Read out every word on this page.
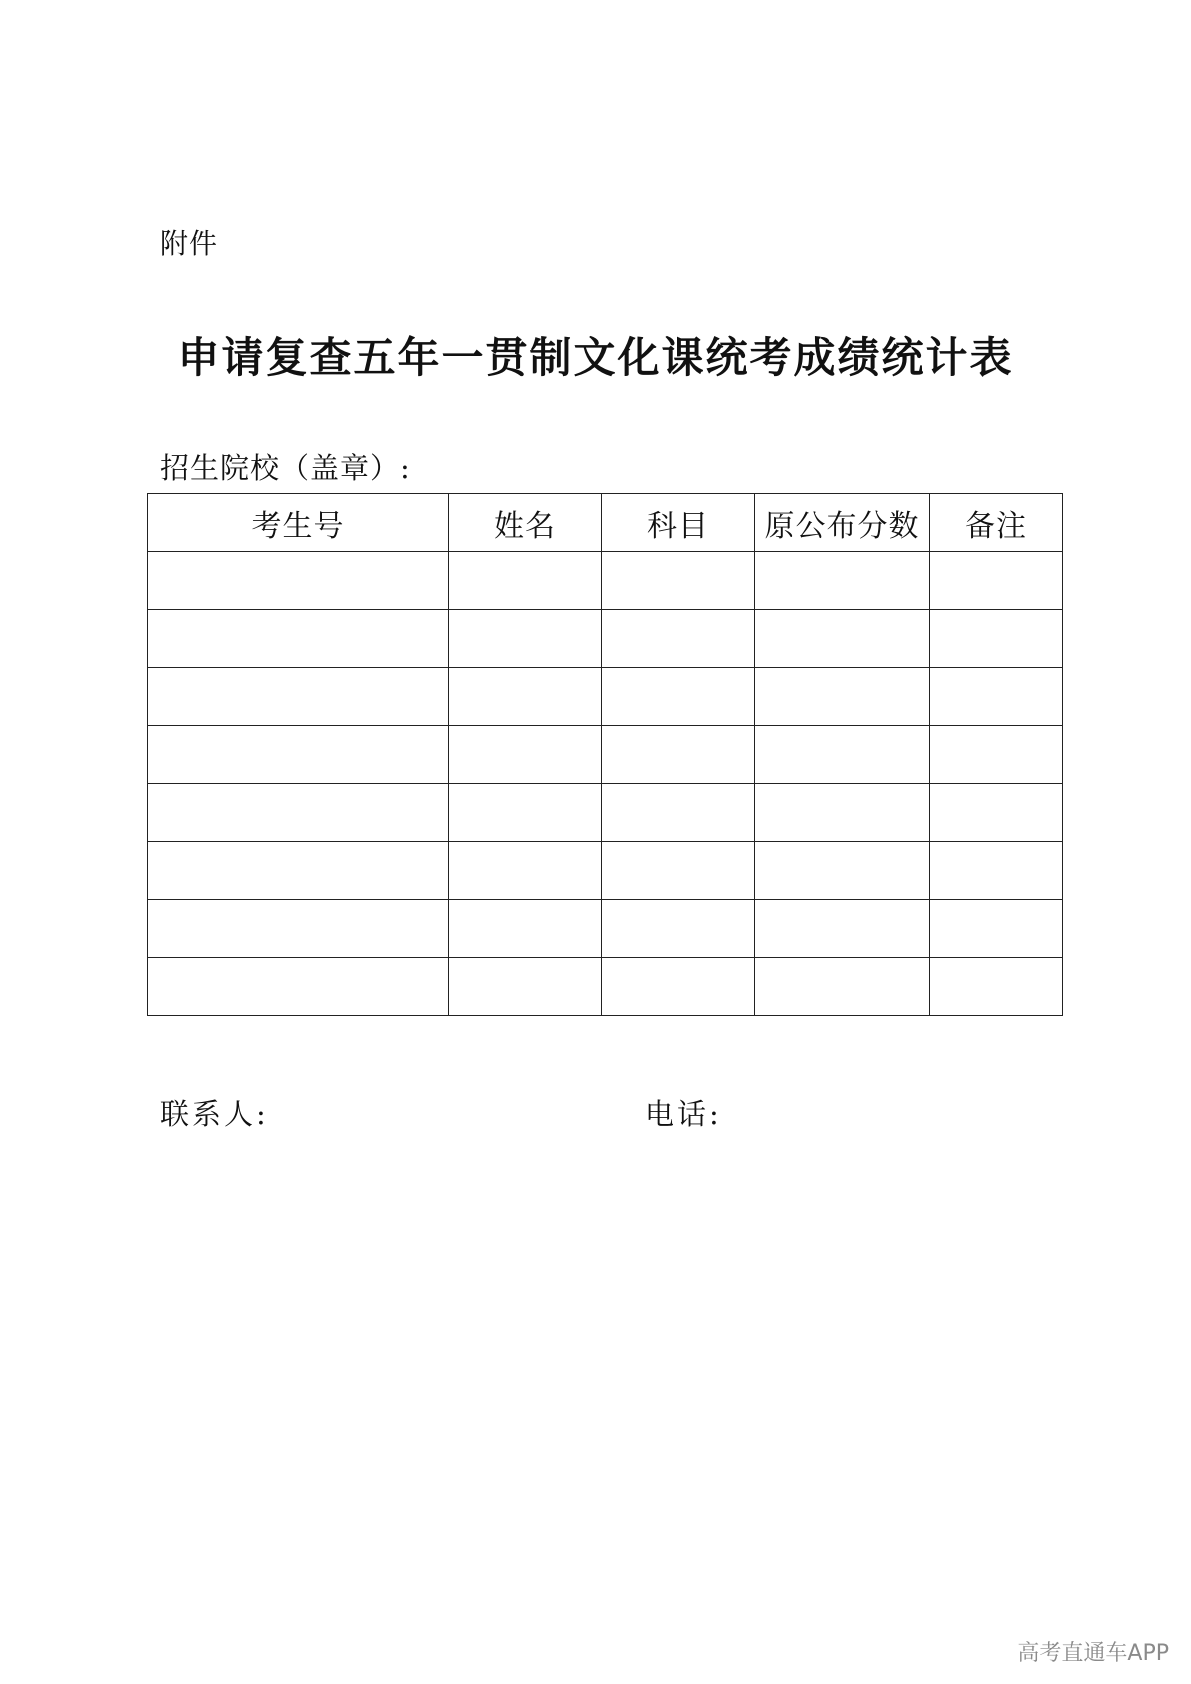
附件
申请复查五年一贯制文化课统考成绩统计表
招生院校（盖章）:
考生号	姓名	科目	原公布分数	备注

联系人:	电话:
高考直通车APP
